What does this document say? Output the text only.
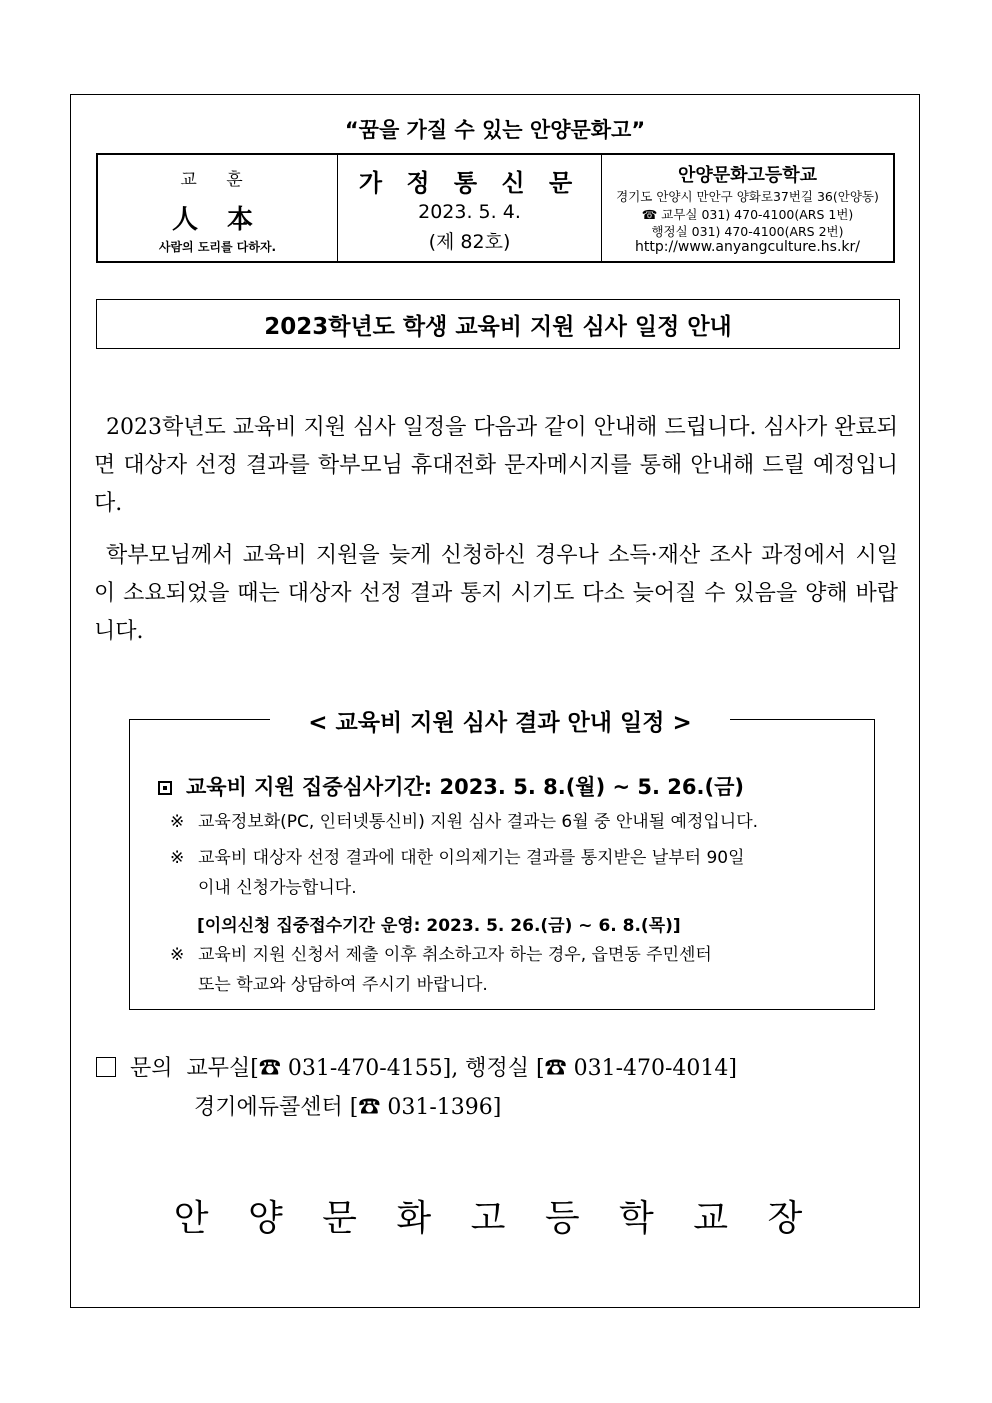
“꿈을 가질 수 있는 안양문화고”
교 훈
人 本
사람의 도리를 다하자.
가 정 통 신 문
2023. 5. 4.
(제 82호)
안양문화고등학교
경기도 안양시 만안구 양화로37번길 36(안양동)
☎ 교무실 031) 470-4100(ARS 1번)
행정실 031) 470-4100(ARS 2번)
http://www.anyangculture.hs.kr/
2023학년도 학생 교육비 지원 심사 일정 안내

2023학년도 교육비 지원 심사 일정을 다음과 같이 안내해 드립니다. 심사가 완료되면 대상자 선정 결과를 학부모님 휴대전화 문자메시지를 통해 안내해 드릴 예정입니다.

학부모님께서 교육비 지원을 늦게 신청하신 경우나 소득·재산 조사 과정에서 시일이 소요되었을 때는 대상자 선정 결과 통지 시기도 다소 늦어질 수 있음을 양해 바랍니다.

< 교육비 지원 심사 결과 안내 일정 >
교육비 지원 집중심사기간: 2023. 5. 8.(월) ~ 5. 26.(금)
※ 교육정보화(PC, 인터넷통신비) 지원 심사 결과는 6월 중 안내될 예정입니다.
※ 교육비 대상자 선정 결과에 대한 이의제기는 결과를 통지받은 날부터 90일
이내 신청가능합니다.
[이의신청 집중접수기간 운영: 2023. 5. 26.(금) ~ 6. 8.(목)]
※ 교육비 지원 신청서 제출 이후 취소하고자 하는 경우, 읍면동 주민센터
또는 학교와 상담하여 주시기 바랍니다.
문의 교무실[☎ 031-470-4155], 행정실 [☎ 031-470-4014]
경기에듀콜센터 [☎ 031-1396]
안 양 문 화 고 등 학 교 장
